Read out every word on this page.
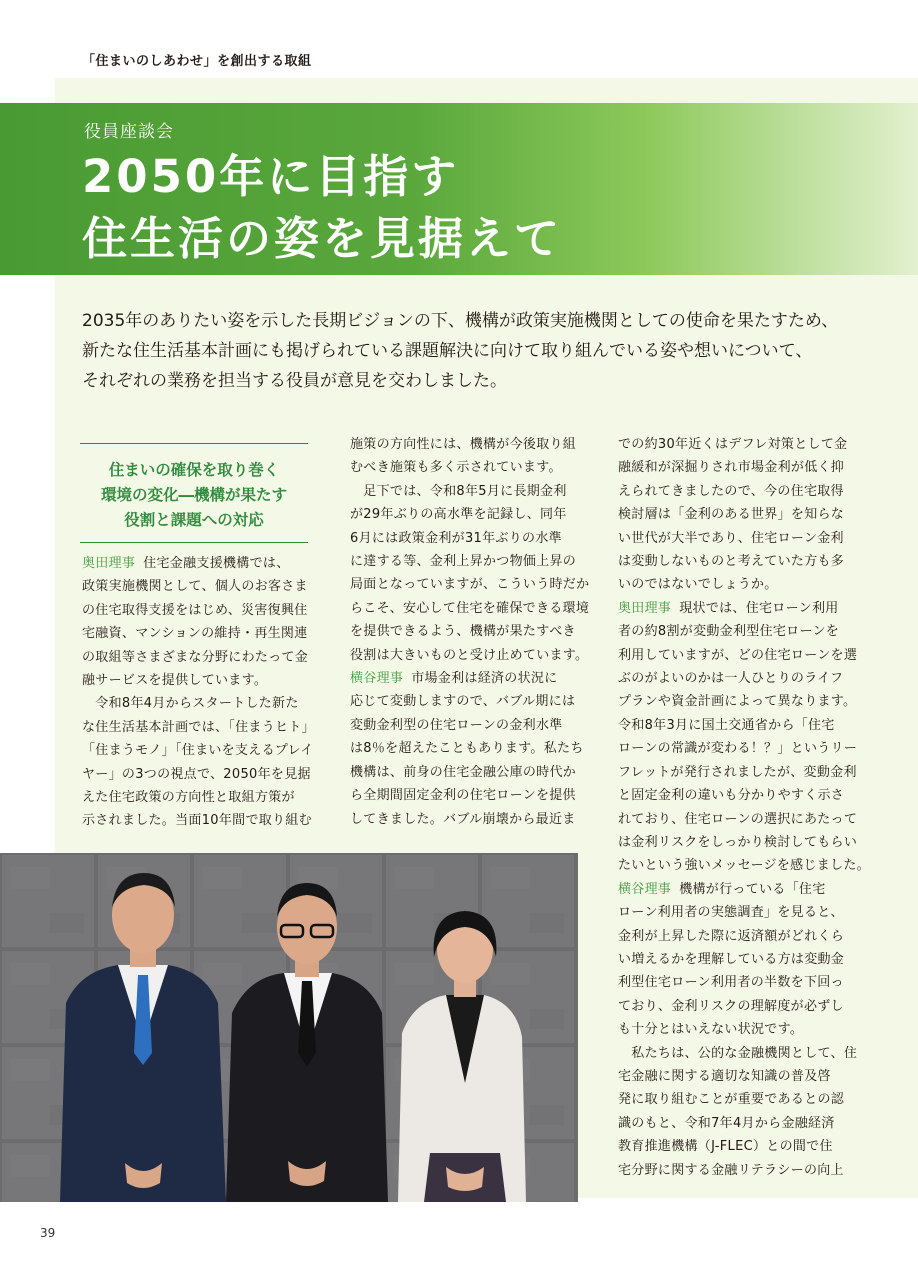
「住まいのしあわせ」を創出する取組
役員座談会
2050年に目指す
住生活の姿を見据えて
2035年のありたい姿を示した長期ビジョンの下、機構が政策実施機関としての使命を果たすため、
新たな住生活基本計画にも掲げられている課題解決に向けて取り組んでいる姿や想いについて、
それぞれの業務を担当する役員が意見を交わしました。
住まいの確保を取り巻く
環境の変化―機構が果たす
役割と課題への対応
奥田理事 住宅金融支援機構では、
政策実施機関として、個人のお客さま
の住宅取得支援をはじめ、災害復興住
宅融資、マンションの維持・再生関連
の取組等さまざまな分野にわたって金
融サービスを提供しています。
　令和8年4月からスタートした新た
な住生活基本計画では、「住まうヒト」
「住まうモノ」「住まいを支えるプレイ
ヤー」の3つの視点で、2050年を見据
えた住宅政策の方向性と取組方策が
示されました。当面10年間で取り組む
施策の方向性には、機構が今後取り組
むべき施策も多く示されています。
　足下では、令和8年5月に長期金利
が29年ぶりの高水準を記録し、同年
6月には政策金利が31年ぶりの水準
に達する等、金利上昇かつ物価上昇の
局面となっていますが、こういう時だか
らこそ、安心して住宅を確保できる環境
を提供できるよう、機構が果たすべき
役割は大きいものと受け止めています。
横谷理事 市場金利は経済の状況に
応じて変動しますので、バブル期には
変動金利型の住宅ローンの金利水準
は8％を超えたこともあります。私たち
機構は、前身の住宅金融公庫の時代か
ら全期間固定金利の住宅ローンを提供
してきました。バブル崩壊から最近ま
での約30年近くはデフレ対策として金
融緩和が深掘りされ市場金利が低く抑
えられてきましたので、今の住宅取得
検討層は「金利のある世界」を知らな
い世代が大半であり、住宅ローン金利
は変動しないものと考えていた方も多
いのではないでしょうか。
奥田理事 現状では、住宅ローン利用
者の約8割が変動金利型住宅ローンを
利用していますが、どの住宅ローンを選
ぶのがよいのかは一人ひとりのライフ
プランや資金計画によって異なります。
令和8年3月に国土交通省から「住宅
ローンの常識が変わる！？」というリー
フレットが発行されましたが、変動金利
と固定金利の違いも分かりやすく示さ
れており、住宅ローンの選択にあたって
は金利リスクをしっかり検討してもらい
たいという強いメッセージを感じました。
横谷理事 機構が行っている「住宅
ローン利用者の実態調査」を見ると、
金利が上昇した際に返済額がどれくら
い増えるかを理解している方は変動金
利型住宅ローン利用者の半数を下回っ
ており、金利リスクの理解度が必ずし
も十分とはいえない状況です。
　私たちは、公的な金融機関として、住
宅金融に関する適切な知識の普及啓
発に取り組むことが重要であるとの認
識のもと、令和7年4月から金融経済
教育推進機構（J-FLEC）との間で住
宅分野に関する金融リテラシーの向上
39
